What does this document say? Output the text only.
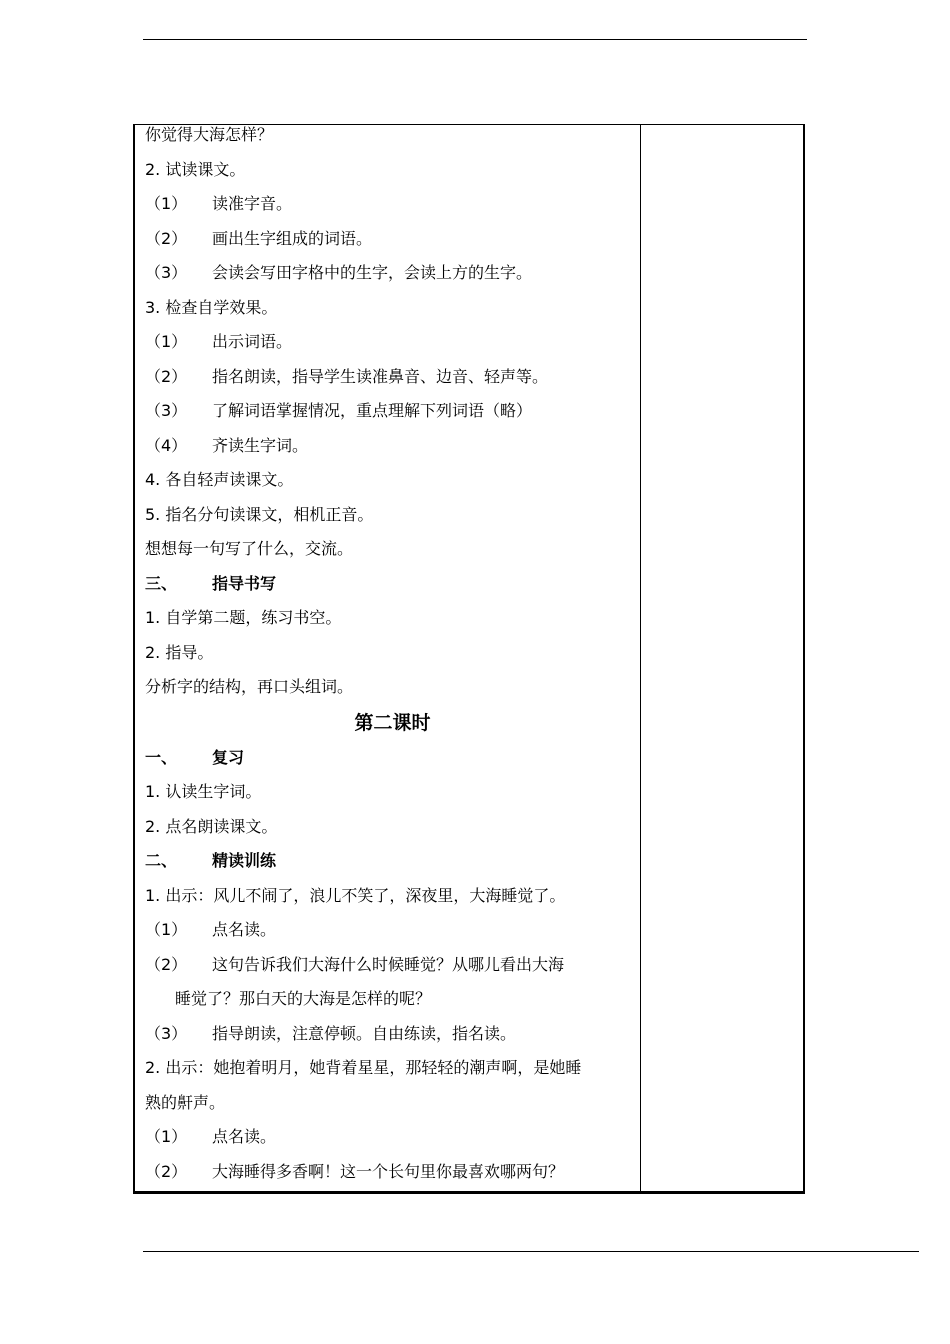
你觉得大海怎样？
2. 试读课文。
（1） 读准字音。
（2） 画出生字组成的词语。
（3） 会读会写田字格中的生字，会读上方的生字。
3. 检查自学效果。
（1） 出示词语。
（2） 指名朗读，指导学生读准鼻音、边音、轻声等。
（3） 了解词语掌握情况，重点理解下列词语（略）
（4） 齐读生字词。
4. 各自轻声读课文。
5. 指名分句读课文，相机正音。
想想每一句写了什么，交流。
三、 指导书写
1. 自学第二题，练习书空。
2. 指导。
分析字的结构，再口头组词。
第二课时
一、 复习
1. 认读生字词。
2. 点名朗读课文。
二、 精读训练
1. 出示：风儿不闹了，浪儿不笑了，深夜里，大海睡觉了。
（1） 点名读。
（2） 这句告诉我们大海什么时候睡觉？从哪儿看出大海
睡觉了？那白天的大海是怎样的呢？
（3） 指导朗读，注意停顿。自由练读，指名读。
2. 出示：她抱着明月，她背着星星，那轻轻的潮声啊，是她睡
熟的鼾声。
（1） 点名读。
（2） 大海睡得多香啊！这一个长句里你最喜欢哪两句？
